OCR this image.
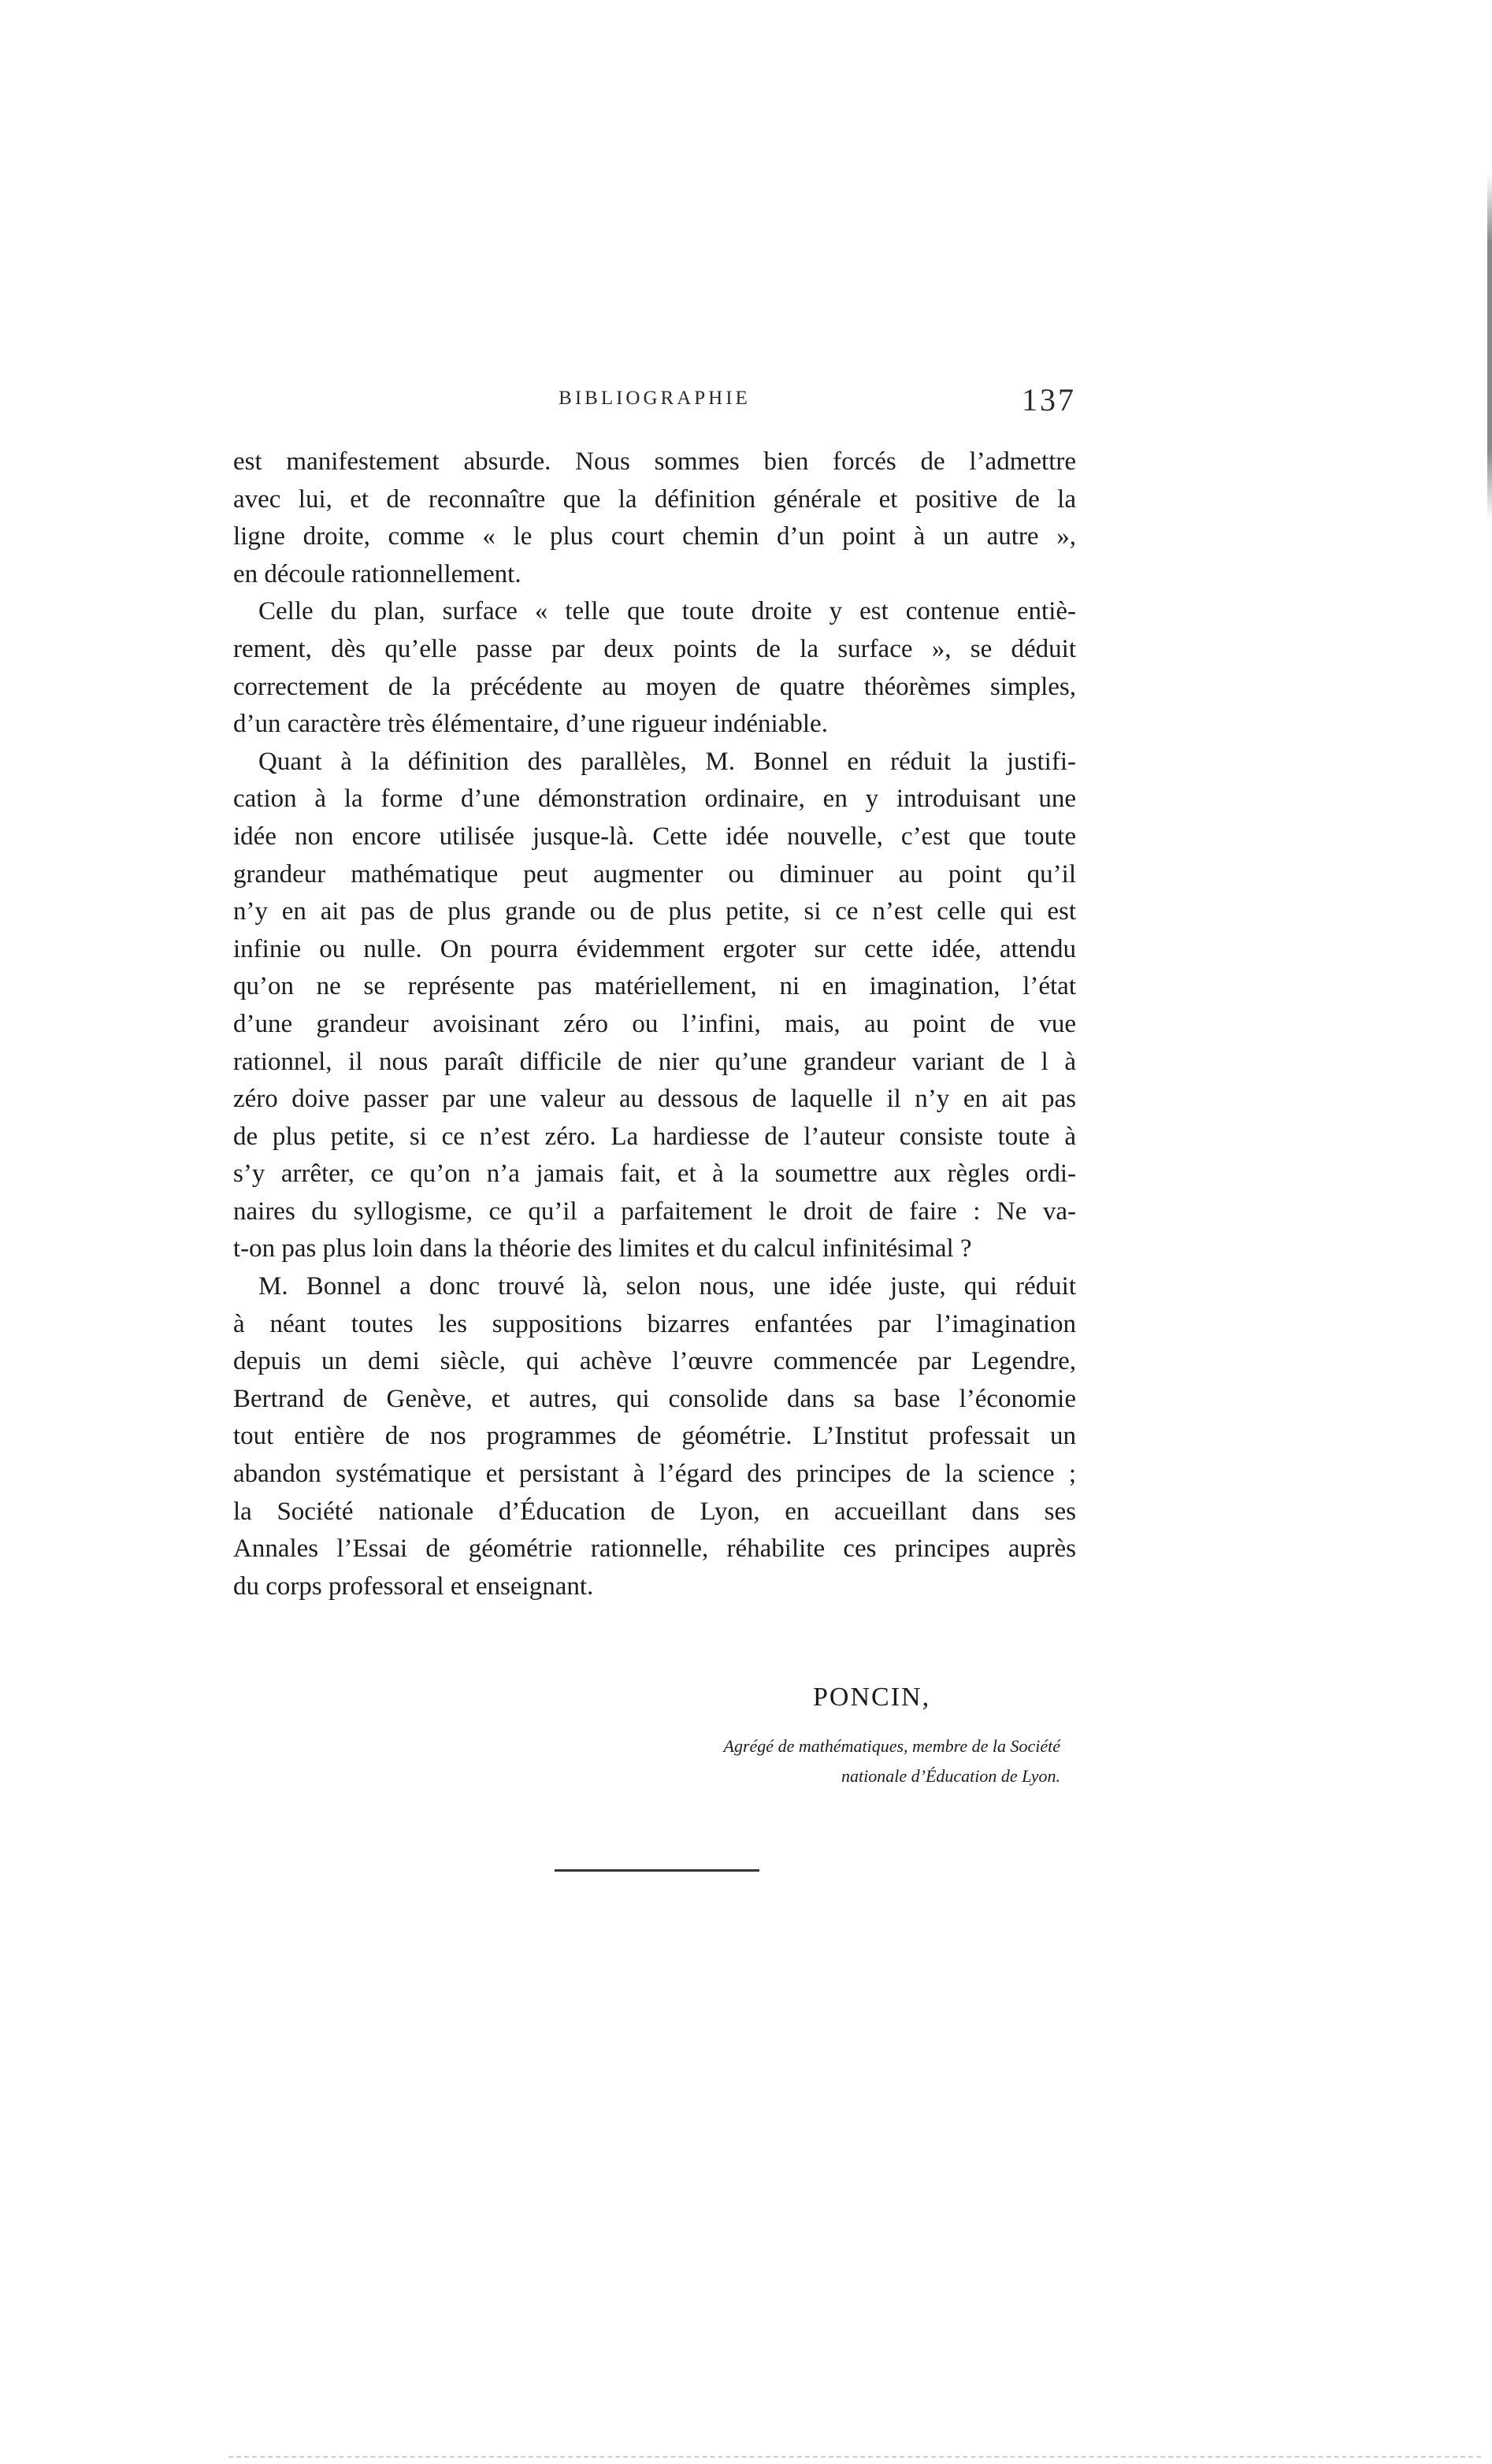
BIBLIOGRAPHIE	137

est manifestement absurde. Nous sommes bien forcés de l’admettre
avec lui, et de reconnaître que la définition générale et positive de la
ligne droite, comme « le plus court chemin d’un point à un autre »,
en découle rationnellement.

Celle du plan, surface « telle que toute droite y est contenue entiè-
rement, dès qu’elle passe par deux points de la surface », se déduit
correctement de la précédente au moyen de quatre théorèmes simples,
d’un caractère très élémentaire, d’une rigueur indéniable.

Quant à la définition des parallèles, M. Bonnel en réduit la justifi-
cation à la forme d’une démonstration ordinaire, en y introduisant une
idée non encore utilisée jusque-là. Cette idée nouvelle, c’est que toute
grandeur mathématique peut augmenter ou diminuer au point qu’il
n’y en ait pas de plus grande ou de plus petite, si ce n’est celle qui est
infinie ou nulle. On pourra évidemment ergoter sur cette idée, attendu
qu’on ne se représente pas matériellement, ni en imagination, l’état
d’une grandeur avoisinant zéro ou l’infini, mais, au point de vue
rationnel, il nous paraît difficile de nier qu’une grandeur variant de l à
zéro doive passer par une valeur au dessous de laquelle il n’y en ait pas
de plus petite, si ce n’est zéro. La hardiesse de l’auteur consiste toute à
s’y arrêter, ce qu’on n’a jamais fait, et à la soumettre aux règles ordi-
naires du syllogisme, ce qu’il a parfaitement le droit de faire : Ne va-
t-on pas plus loin dans la théorie des limites et du calcul infinitésimal ?

M. Bonnel a donc trouvé là, selon nous, une idée juste, qui réduit
à néant toutes les suppositions bizarres enfantées par l’imagination
depuis un demi siècle, qui achève l’œuvre commencée par Legendre,
Bertrand de Genève, et autres, qui consolide dans sa base l’économie
tout entière de nos programmes de géométrie. L’Institut professait un
abandon systématique et persistant à l’égard des principes de la science ;
la Société nationale d’Éducation de Lyon, en accueillant dans ses
Annales l’Essai de géométrie rationnelle, réhabilite ces principes auprès
du corps professoral et enseignant.

PONCIN,
Agrégé de mathématiques, membre de la Société
nationale d’Éducation de Lyon.
